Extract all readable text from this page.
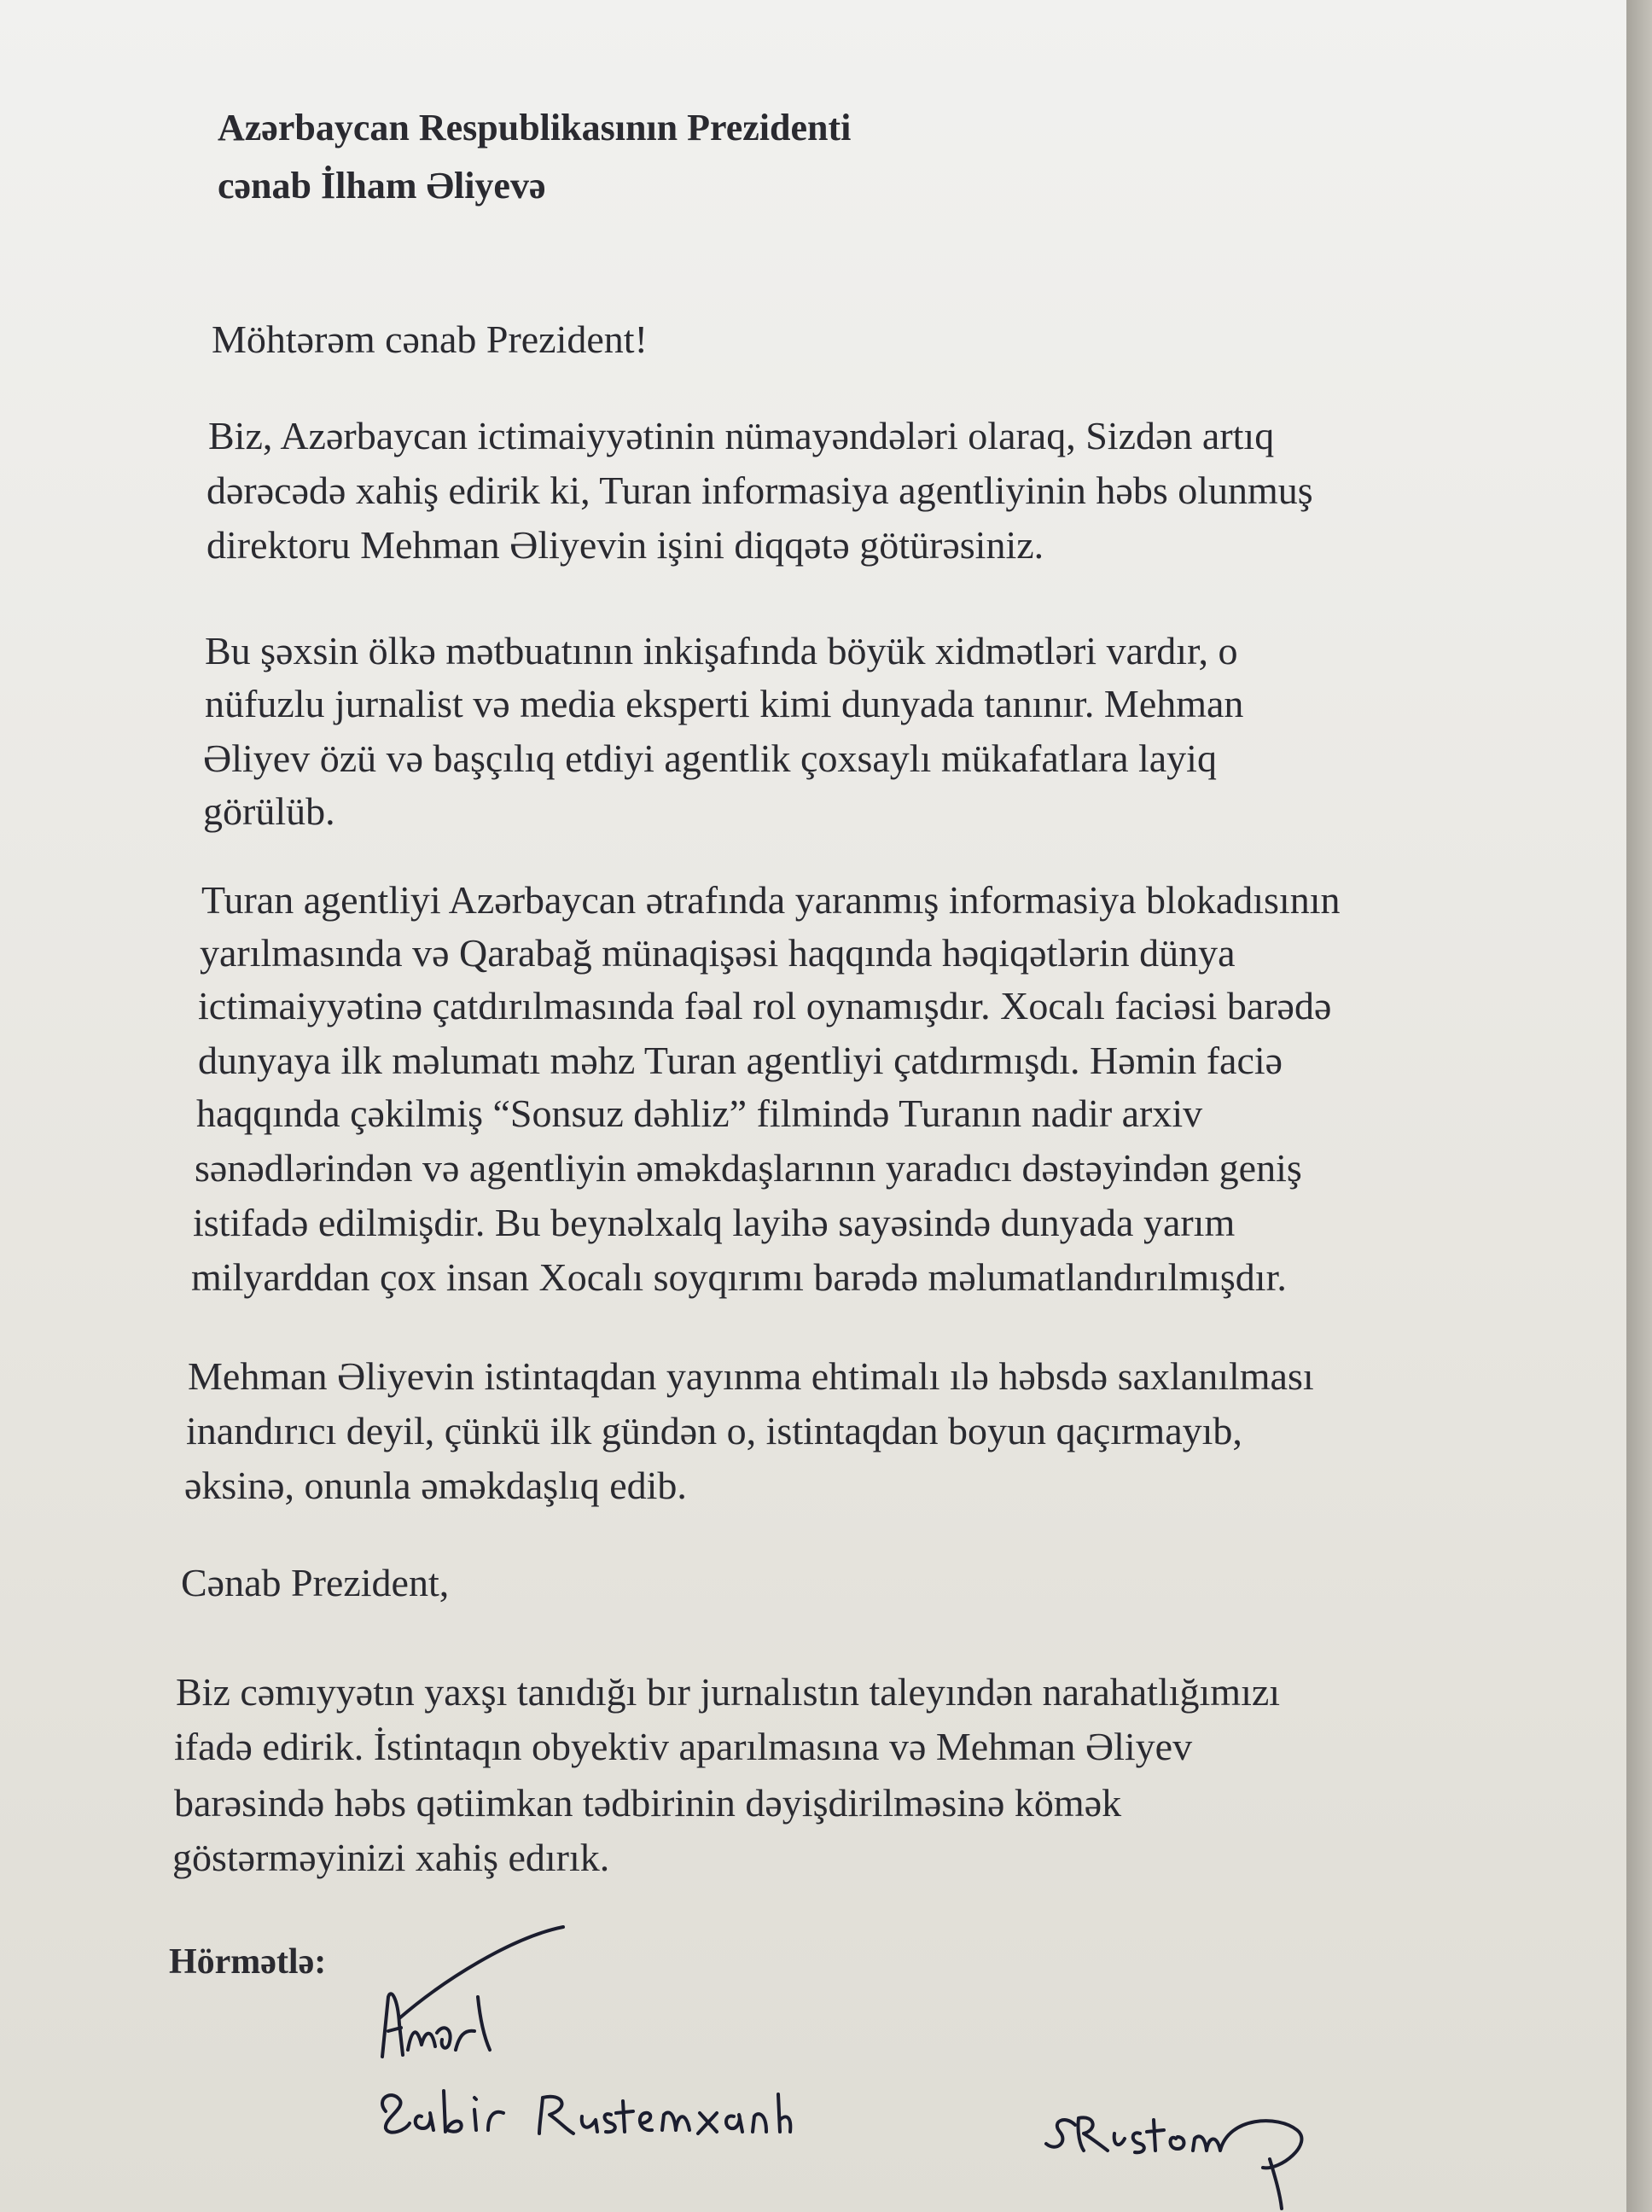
Azərbaycan Respublikasının Prezidenti
cənab İlham Əliyevə
Möhtərəm cənab Prezident!
Biz, Azərbaycan ictimaiyyətinin nümayəndələri olaraq, Sizdən artıq
dərəcədə xahiş edirik ki, Turan informasiya agentliyinin həbs olunmuş
direktoru Mehman Əliyevin işini diqqətə götürəsiniz.
Bu şəxsin ölkə mətbuatının inkişafında böyük xidmətləri vardır, o
nüfuzlu jurnalist və media eksperti kimi dunyada tanınır. Mehman
Əliyev özü və başçılıq etdiyi agentlik çoxsaylı mükafatlara layiq
görülüb.
Turan agentliyi Azərbaycan ətrafında yaranmış informasiya blokadısının
yarılmasında və Qarabağ münaqişəsi haqqında həqiqətlərin dünya
ictimaiyyətinə çatdırılmasında fəal rol oynamışdır. Xocalı faciəsi barədə
dunyaya ilk məlumatı məhz Turan agentliyi çatdırmışdı. Həmin faciə
haqqında çəkilmiş “Sonsuz dəhliz” filmində Turanın nadir arxiv
sənədlərindən və agentliyin əməkdaşlarının yaradıcı dəstəyindən geniş
istifadə edilmişdir. Bu beynəlxalq layihə sayəsində dunyada yarım
milyarddan çox insan Xocalı soyqırımı barədə məlumatlandırılmışdır.
Mehman Əliyevin istintaqdan yayınma ehtimalı ılə həbsdə saxlanılması
inandırıcı deyil, çünkü ilk gündən o, istintaqdan boyun qaçırmayıb,
əksinə, onunla əməkdaşlıq edib.
Cənab Prezident,
Biz cəmıyyətın yaxşı tanıdığı bır jurnalıstın taleyındən narahatlığımızı
ifadə edirik. İstintaqın obyektiv aparılmasına və Mehman Əliyev
barəsində həbs qətiimkan tədbirinin dəyişdirilməsinə kömək
göstərməyinizi xahiş edırık.
Hörmətlə:
